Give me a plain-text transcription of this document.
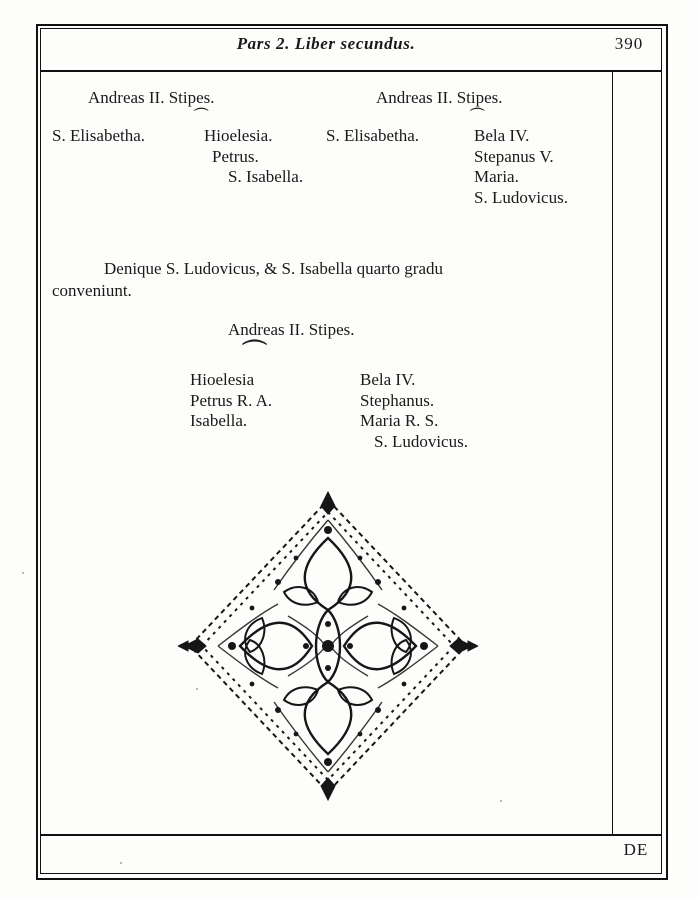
Pars 2. Liber secundus.	390
Andreas II. Stipes.
⏜
S. Elisabetha.	Hioelesia.
Petrus.
S. Isabella.
Andreas II. Stipes.
⏜
S. Elisabetha.	Bela IV.
Stepanus V.
Maria.
S. Ludovicus.
Denique S. Ludovicus, & S. Isabella quarto gradu
conveniunt.
Andreas II. Stipes.
⏜
Hioelesia
Petrus R. A.
Isabella.
Bela IV.
Stephanus.
Maria R. S.
S. Ludovicus.
DE
